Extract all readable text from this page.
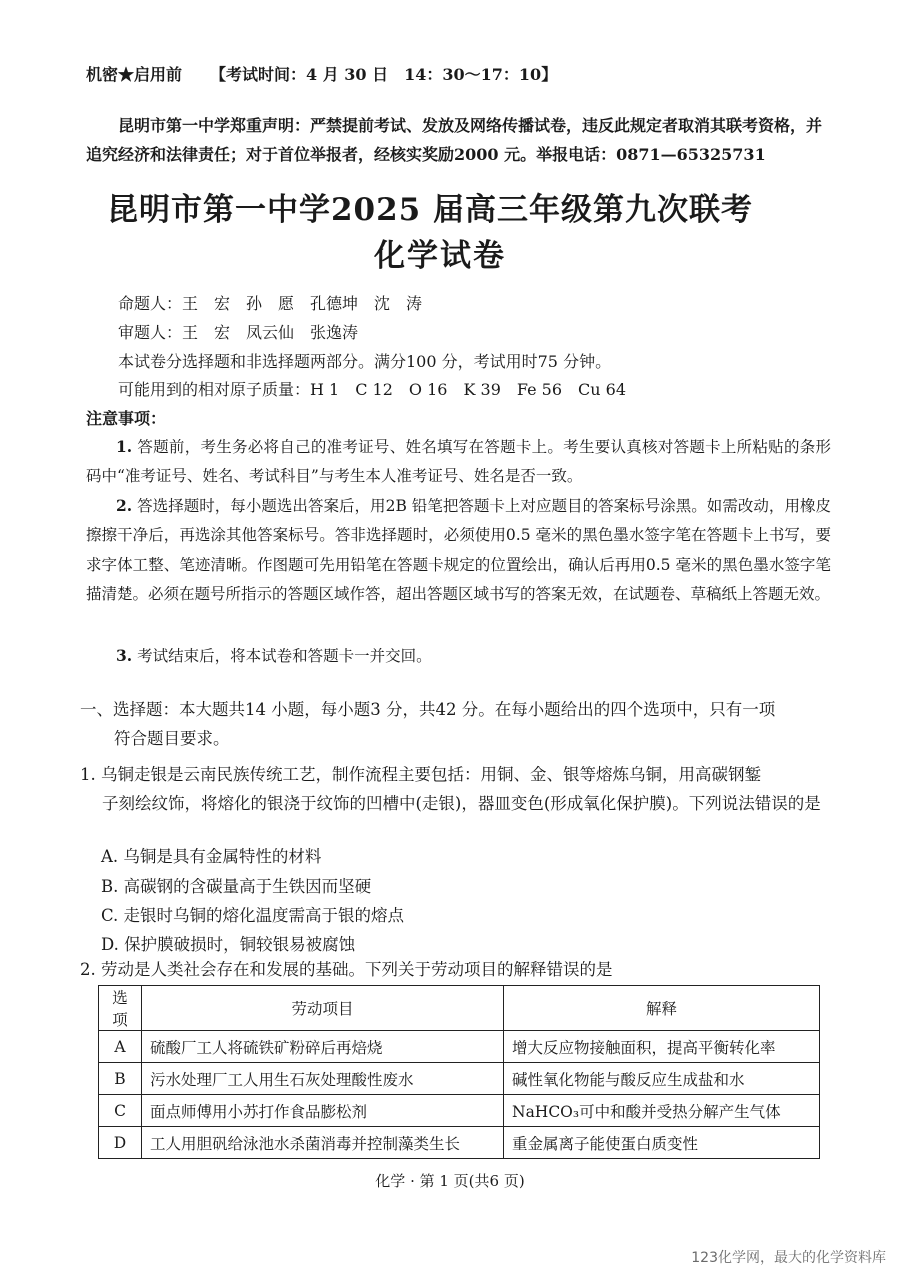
机密★启用前 【考试时间：4 月 30 日　14：30～17：10】
昆明市第一中学郑重声明：严禁提前考试、发放及网络传播试卷，违反此规定者取消其联考资格，并追究经济和法律责任；对于首位举报者，经核实奖励2000 元。举报电话：0871—65325731
昆明市第一中学2025 届高三年级第九次联考
化学试卷
命题人：王　宏　孙　愿　孔德坤　沈　涛
审题人：王　宏　凤云仙　张逸涛
本试卷分选择题和非选择题两部分。满分100 分，考试用时75 分钟。
可能用到的相对原子质量：H 1　C 12　O 16　K 39　Fe 56　Cu 64
注意事项：
1. 答题前，考生务必将自己的准考证号、姓名填写在答题卡上。考生要认真核对答题卡上所粘贴的条形码中“准考证号、姓名、考试科目”与考生本人准考证号、姓名是否一致。
2. 答选择题时，每小题选出答案后，用2B 铅笔把答题卡上对应题目的答案标号涂黑。如需改动，用橡皮擦擦干净后，再选涂其他答案标号。答非选择题时，必须使用0.5 毫米的黑色墨水签字笔在答题卡上书写，要求字体工整、笔迹清晰。作图题可先用铅笔在答题卡规定的位置绘出，确认后再用0.5 毫米的黑色墨水签字笔描清楚。必须在题号所指示的答题区域作答，超出答题区域书写的答案无效，在试题卷、草稿纸上答题无效。
3. 考试结束后，将本试卷和答题卡一并交回。
一、选择题：本大题共14 小题，每小题3 分，共42 分。在每小题给出的四个选项中，只有一项
符合题目要求。
1. 乌铜走银是云南民族传统工艺，制作流程主要包括：用铜、金、银等熔炼乌铜，用高碳钢錾
子刻绘纹饰，将熔化的银浇于纹饰的凹槽中(走银)，器皿变色(形成氧化保护膜)。下列说法错误的是
A. 乌铜是具有金属特性的材料
B. 高碳钢的含碳量高于生铁因而坚硬
C. 走银时乌铜的熔化温度需高于银的熔点
D. 保护膜破损时，铜较银易被腐蚀
2. 劳动是人类社会存在和发展的基础。下列关于劳动项目的解释错误的是
选项	劳动项目	解释
A	硫酸厂工人将硫铁矿粉碎后再焙烧	增大反应物接触面积，提高平衡转化率
B	污水处理厂工人用生石灰处理酸性废水	碱性氧化物能与酸反应生成盐和水
C	面点师傅用小苏打作食品膨松剂	NaHCO₃可中和酸并受热分解产生气体
D	工人用胆矾给泳池水杀菌消毒并控制藻类生长	重金属离子能使蛋白质变性
化学 · 第 1 页(共6 页)
123化学网，最大的化学资料库
